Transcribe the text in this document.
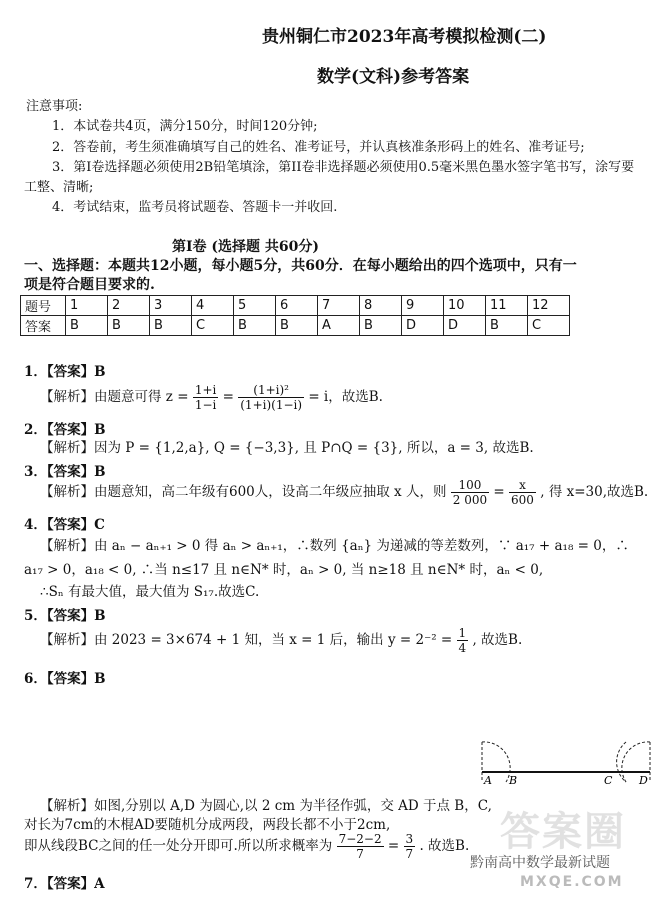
贵州铜仁市2023年高考模拟检测(二)
数学(文科)参考答案
注意事项:
1．本试卷共4页，满分150分，时间120分钟;
2．答卷前，考生须准确填写自己的姓名、准考证号，并认真核准条形码上的姓名、准考证号;
3．第I卷选择题必须使用2B铅笔填涂，第II卷非选择题必须使用0.5毫米黑色墨水签字笔书写，涂写要
工整、清晰;
4．考试结束，监考员将试题卷、答题卡一并收回.
第I卷 (选择题 共60分)
一、选择题：本题共12小题，每小题5分，共60分．在每小题给出的四个选项中，只有一
项是符合题目要求的.
题号	1	2	3	4	5	6	7	8	9	10	11	12
答案	B	B	B	C	B	B	A	B	D	D	B	C
1．【答案】B
【解析】由题意可得 $z = \frac{1+i}{1-i} = \frac{\text{(1+i)²}}{(1+i)(1-i)} = i$，故选B.
2．【答案】B
【解析】因为 P = {1,2,a}, Q = {−3,3}, 且 P∩Q = {3}, 所以，a = 3, 故选B.
3．【答案】B
【解析】由题意知，高二年级有600人，设高二年级应抽取 x 人，则 $\frac{100}{2 000} = \frac{x}{600}$ , 得 x=30,故选B.
4．【答案】C
【解析】由 aₙ − aₙ₊₁ > 0 得 aₙ > aₙ₊₁，∴数列 {aₙ} 为递减的等差数列，∵ a₁₇ + a₁₈ = 0，∴
a₁₇ > 0，a₁₈ < 0, ∴当 n≤17 且 n∈N* 时，aₙ > 0, 当 n≥18 且 n∈N* 时，aₙ < 0,
∴Sₙ 有最大值，最大值为 S₁₇.故选C.
5．【答案】B
【解析】由 2023 = 3×674 + 1 知，当 x = 1 后，输出 $y = 2^{-2} = \frac{1}{4}$ , 故选B.
6．【答案】B
A B	C D
【解析】如图,分别以 A,D 为圆心,以 2 cm 为半径作弧，交 AD 于点 B，C,
对长为7cm的木棍AD要随机分成两段，两段长都不小于2cm,
即从线段BC之间的任一处分开即可.所以所求概率为 $\frac{7-2-2}{7} = \frac{3}{7}$ . 故选B.
7．【答案】A
答案圈
黔南高中数学最新试题
MXQE.COM
